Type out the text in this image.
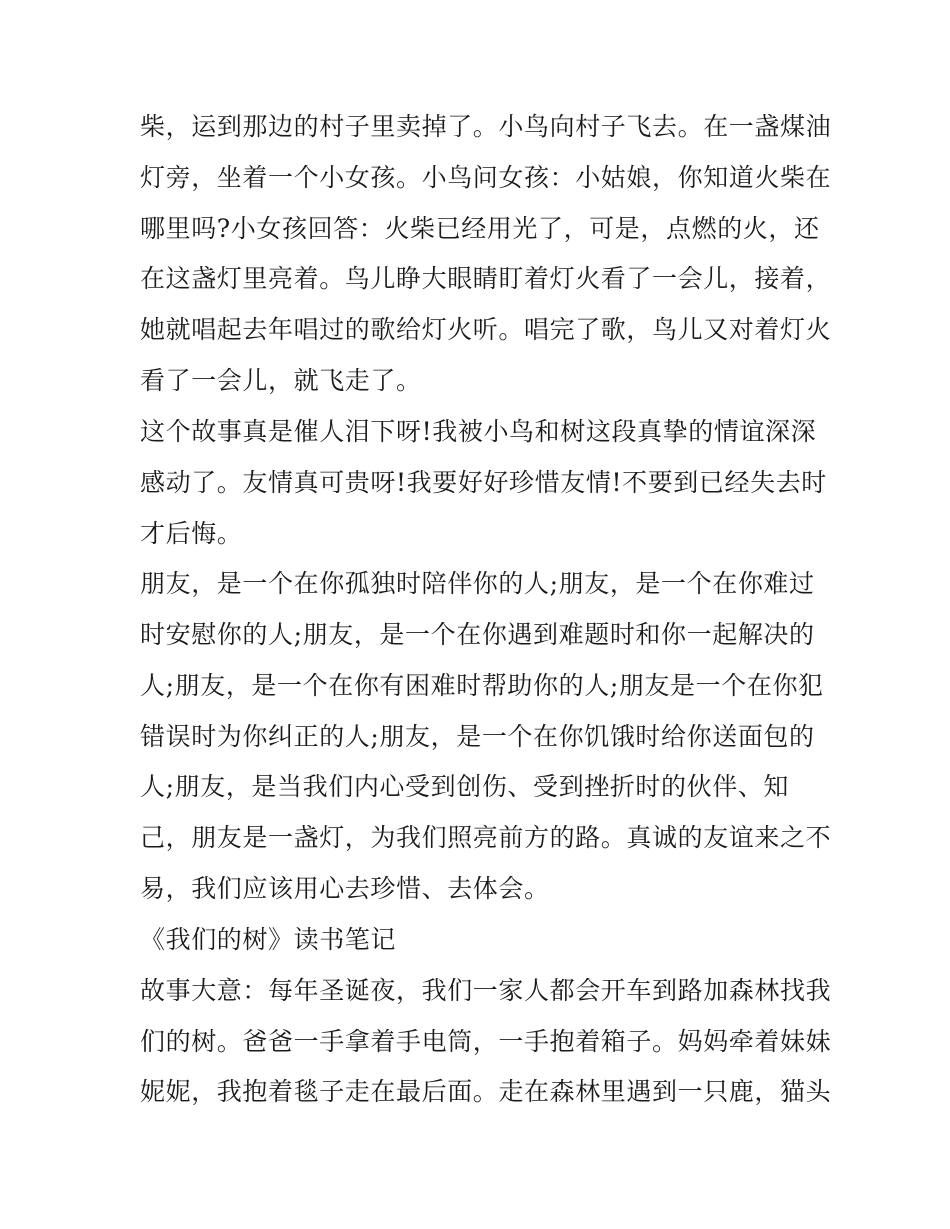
柴，运到那边的村子里卖掉了。小鸟向村子飞去。在一盏煤油
灯旁，坐着一个小女孩。小鸟问女孩：小姑娘，你知道火柴在
哪里吗?小女孩回答：火柴已经用光了，可是，点燃的火，还
在这盏灯里亮着。鸟儿睁大眼睛盯着灯火看了一会儿，接着，
她就唱起去年唱过的歌给灯火听。唱完了歌，鸟儿又对着灯火
看了一会儿，就飞走了。
这个故事真是催人泪下呀!我被小鸟和树这段真挚的情谊深深
感动了。友情真可贵呀!我要好好珍惜友情!不要到已经失去时
才后悔。
朋友，是一个在你孤独时陪伴你的人;朋友，是一个在你难过
时安慰你的人;朋友，是一个在你遇到难题时和你一起解决的
人;朋友，是一个在你有困难时帮助你的人;朋友是一个在你犯
错误时为你纠正的人;朋友，是一个在你饥饿时给你送面包的
人;朋友，是当我们内心受到创伤、受到挫折时的伙伴、知
己，朋友是一盏灯，为我们照亮前方的路。真诚的友谊来之不
易，我们应该用心去珍惜、去体会。
《我们的树》读书笔记
故事大意：每年圣诞夜，我们一家人都会开车到路加森林找我
们的树。爸爸一手拿着手电筒，一手抱着箱子。妈妈牵着妹妹
妮妮，我抱着毯子走在最后面。走在森林里遇到一只鹿，猫头
